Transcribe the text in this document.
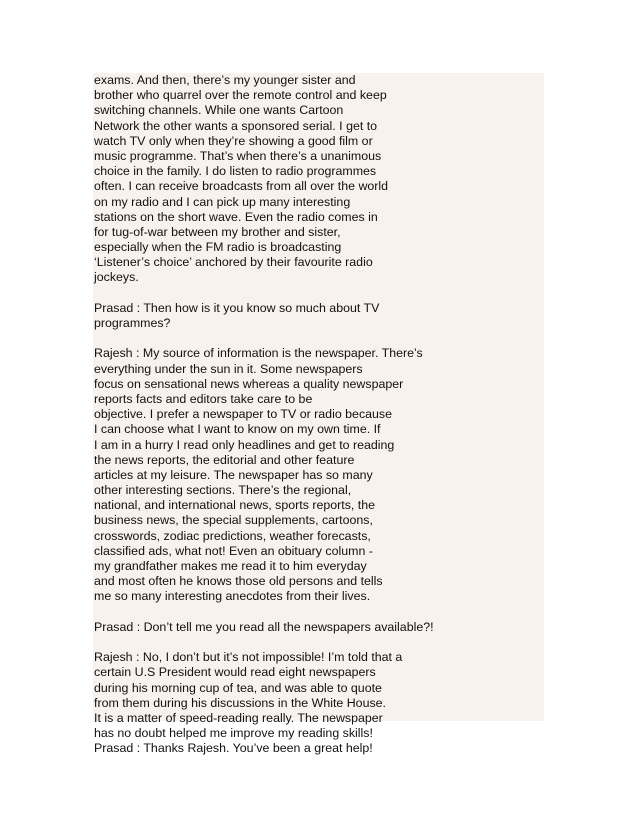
exams. And then, there’s my younger sister and
brother who quarrel over the remote control and keep
switching channels. While one wants Cartoon
Network the other wants a sponsored serial. I get to
watch TV only when they’re showing a good film or
music programme. That’s when there’s a unanimous
choice in the family. I do listen to radio programmes
often. I can receive broadcasts from all over the world
on my radio and I can pick up many interesting
stations on the short wave. Even the radio comes in
for tug-of-war between my brother and sister,
especially when the FM radio is broadcasting
‘Listener’s choice’ anchored by their favourite radio
jockeys.
Prasad : Then how is it you know so much about TV
programmes?
Rajesh : My source of information is the newspaper. There’s
everything under the sun in it. Some newspapers
focus on sensational news whereas a quality newspaper
reports facts and editors take care to be
objective. I prefer a newspaper to TV or radio because
I can choose what I want to know on my own time. If
I am in a hurry I read only headlines and get to reading
the news reports, the editorial and other feature
articles at my leisure. The newspaper has so many
other interesting sections. There’s the regional,
national, and international news, sports reports, the
business news, the special supplements, cartoons,
crosswords, zodiac predictions, weather forecasts,
classified ads, what not! Even an obituary column -
my grandfather makes me read it to him everyday
and most often he knows those old persons and tells
me so many interesting anecdotes from their lives.
Prasad : Don’t tell me you read all the newspapers available?!
Rajesh : No, I don’t but it’s not impossible! I’m told that a
certain U.S President would read eight newspapers
during his morning cup of tea, and was able to quote
from them during his discussions in the White House.
It is a matter of speed-reading really. The newspaper
has no doubt helped me improve my reading skills!
Prasad : Thanks Rajesh. You’ve been a great help!
